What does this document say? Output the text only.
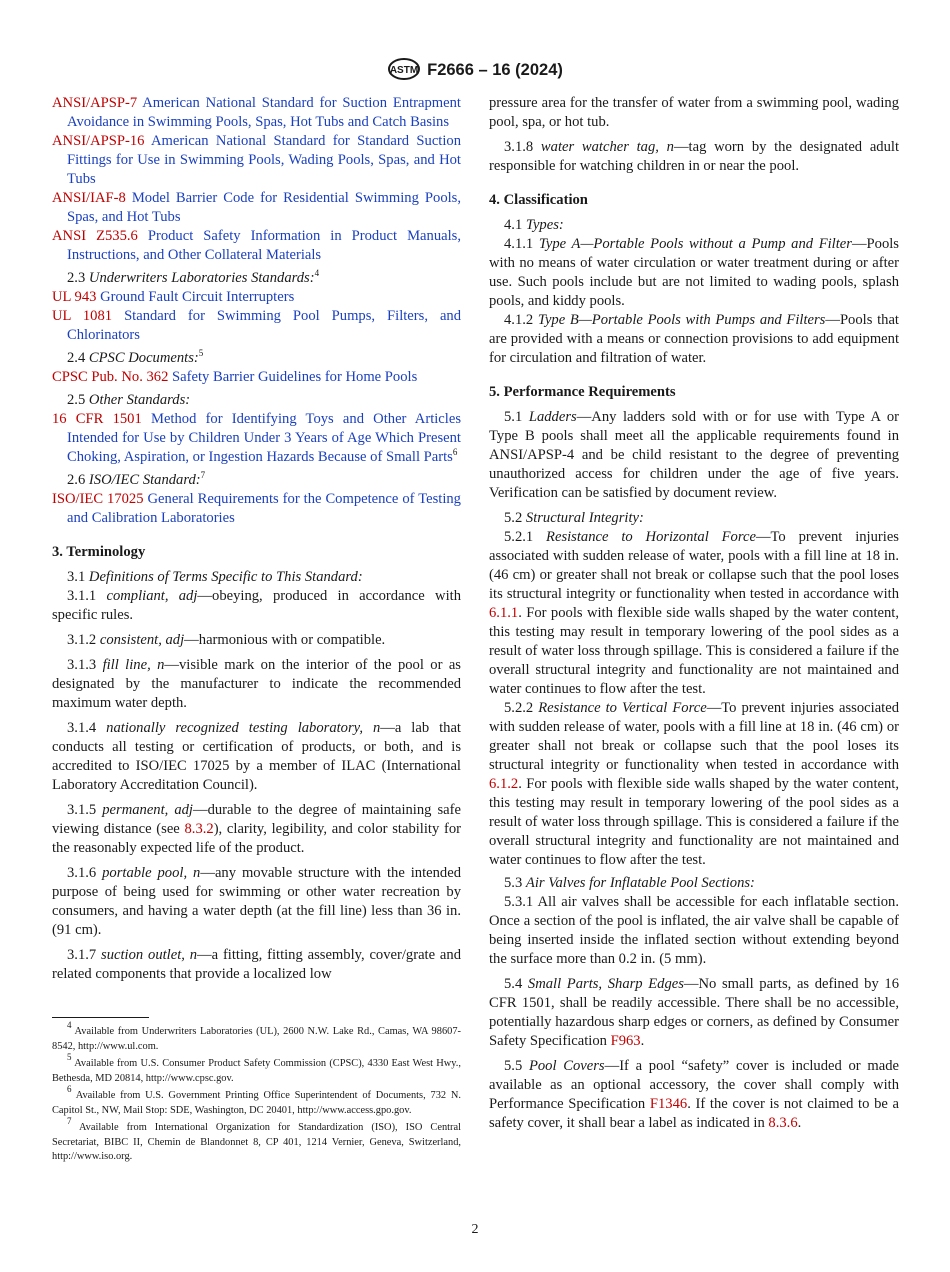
ASTM F2666 – 16 (2024)
ANSI/APSP-7 American National Standard for Suction Entrapment Avoidance in Swimming Pools, Spas, Hot Tubs and Catch Basins
ANSI/APSP-16 American National Standard for Standard Suction Fittings for Use in Swimming Pools, Wading Pools, Spas, and Hot Tubs
ANSI/IAF-8 Model Barrier Code for Residential Swimming Pools, Spas, and Hot Tubs
ANSI Z535.6 Product Safety Information in Product Manuals, Instructions, and Other Collateral Materials
2.3 Underwriters Laboratories Standards:$^4$
UL 943 Ground Fault Circuit Interrupters
UL 1081 Standard for Swimming Pool Pumps, Filters, and Chlorinators
2.4 CPSC Documents:$^5$
CPSC Pub. No. 362 Safety Barrier Guidelines for Home Pools
2.5 Other Standards:
16 CFR 1501 Method for Identifying Toys and Other Articles Intended for Use by Children Under 3 Years of Age Which Present Choking, Aspiration, or Ingestion Hazards Because of Small Parts$^6$
2.6 ISO/IEC Standard:$^7$
ISO/IEC 17025 General Requirements for the Competence of Testing and Calibration Laboratories
3. Terminology
3.1 Definitions of Terms Specific to This Standard:
3.1.1 compliant, adj—obeying, produced in accordance with specific rules.
3.1.2 consistent, adj—harmonious with or compatible.
3.1.3 fill line, n—visible mark on the interior of the pool or as designated by the manufacturer to indicate the recommended maximum water depth.
3.1.4 nationally recognized testing laboratory, n—a lab that conducts all testing or certification of products, or both, and is accredited to ISO/IEC 17025 by a member of ILAC (International Laboratory Accreditation Council).
3.1.5 permanent, adj—durable to the degree of maintaining safe viewing distance (see 8.3.2), clarity, legibility, and color stability for the reasonably expected life of the product.
3.1.6 portable pool, n—any movable structure with the intended purpose of being used for swimming or other water recreation by consumers, and having a water depth (at the fill line) less than 36 in. (91 cm).
3.1.7 suction outlet, n—a fitting, fitting assembly, cover/grate and related components that provide a localized low
$^4$ Available from Underwriters Laboratories (UL), 2600 N.W. Lake Rd., Camas, WA 98607-8542, http://www.ul.com.
$^5$ Available from U.S. Consumer Product Safety Commission (CPSC), 4330 East West Hwy., Bethesda, MD 20814, http://www.cpsc.gov.
$^6$ Available from U.S. Government Printing Office Superintendent of Documents, 732 N. Capitol St., NW, Mail Stop: SDE, Washington, DC 20401, http://www.access.gpo.gov.
$^7$ Available from International Organization for Standardization (ISO), ISO Central Secretariat, BIBC II, Chemin de Blandonnet 8, CP 401, 1214 Vernier, Geneva, Switzerland, http://www.iso.org.
pressure area for the transfer of water from a swimming pool, wading pool, spa, or hot tub.
3.1.8 water watcher tag, n—tag worn by the designated adult responsible for watching children in or near the pool.
4. Classification
4.1 Types:
4.1.1 Type A—Portable Pools without a Pump and Filter—Pools with no means of water circulation or water treatment during or after use. Such pools include but are not limited to wading pools, splash pools, and kiddy pools.
4.1.2 Type B—Portable Pools with Pumps and Filters—Pools that are provided with a means or connection provisions to add equipment for circulation and filtration of water.
5. Performance Requirements
5.1 Ladders—Any ladders sold with or for use with Type A or Type B pools shall meet all the applicable requirements found in ANSI/APSP-4 and be child resistant to the degree of preventing unauthorized access for children under the age of five years. Verification can be satisfied by document review.
5.2 Structural Integrity:
5.2.1 Resistance to Horizontal Force—To prevent injuries associated with sudden release of water, pools with a fill line at 18 in. (46 cm) or greater shall not break or collapse such that the pool loses its structural integrity or functionality when tested in accordance with 6.1.1. For pools with flexible side walls shaped by the water content, this testing may result in temporary lowering of the pool sides as a result of water loss through spillage. This is considered a failure if the overall structural integrity and functionality are not maintained and water continues to flow after the test.
5.2.2 Resistance to Vertical Force—To prevent injuries associated with sudden release of water, pools with a fill line at 18 in. (46 cm) or greater shall not break or collapse such that the pool loses its structural integrity or functionality when tested in accordance with 6.1.2. For pools with flexible side walls shaped by the water content, this testing may result in temporary lowering of the pool sides as a result of water loss through spillage. This is considered a failure if the overall structural integrity and functionality are not maintained and water continues to flow after the test.
5.3 Air Valves for Inflatable Pool Sections:
5.3.1 All air valves shall be accessible for each inflatable section. Once a section of the pool is inflated, the air valve shall be capable of being inserted inside the inflated section without extending beyond the surface more than 0.2 in. (5 mm).
5.4 Small Parts, Sharp Edges—No small parts, as defined by 16 CFR 1501, shall be readily accessible. There shall be no accessible, potentially hazardous sharp edges or corners, as defined by Consumer Safety Specification F963.
5.5 Pool Covers—If a pool “safety” cover is included or made available as an optional accessory, the cover shall comply with Performance Specification F1346. If the cover is not claimed to be a safety cover, it shall bear a label as indicated in 8.3.6.
2
